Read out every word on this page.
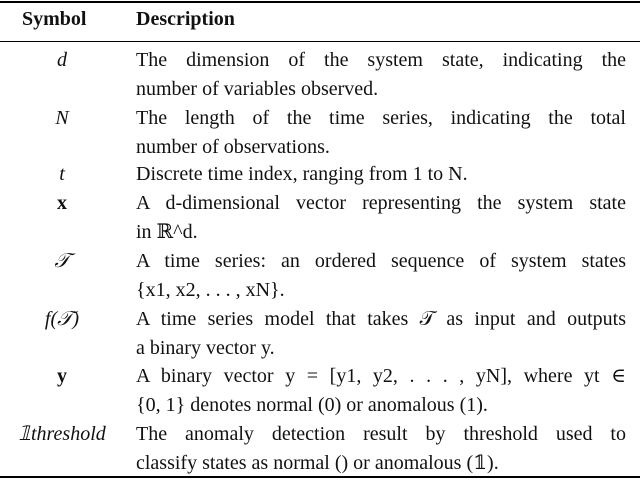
Symbol Description
d	The dimension of the system state, indicating the
number of variables observed.
N	The length of the time series, indicating the total
number of observations.
t	Discrete time index, ranging from 1 to N.
x	A d-dimensional vector representing the system state
in ℝ^d.
𝒯	A time series: an ordered sequence of system states
{x1, x2, . . . , xN}.
f(𝒯)	A time series model that takes 𝒯 as input and outputs
a binary vector y.
y	A binary vector y = [y1, y2, . . . , yN], where yt ∈
{0, 1} denotes normal (0) or anomalous (1).
𝟙threshold	The anomaly detection result by threshold used to
classify states as normal () or anomalous (𝟙).
